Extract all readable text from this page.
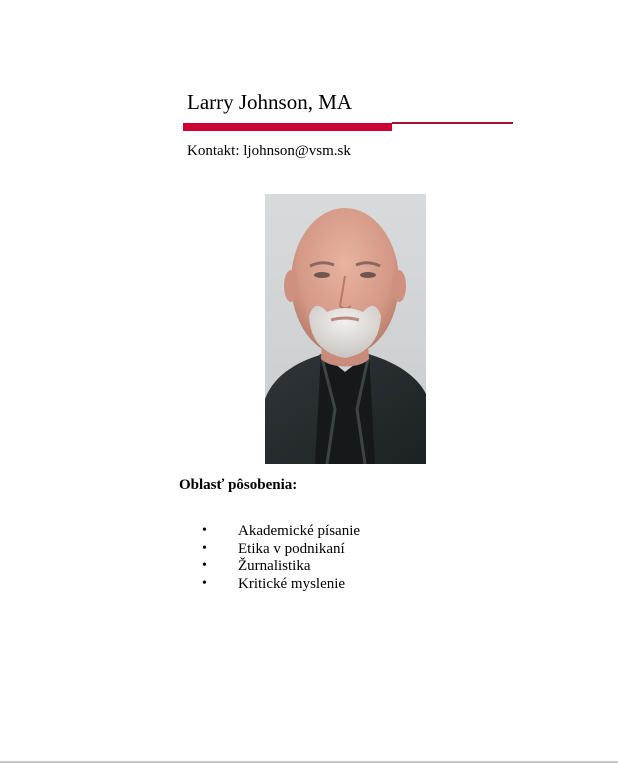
Larry Johnson, MA
Kontakt: ljohnson@vsm.sk
Oblasť pôsobenia:
• Akademické písanie
• Etika v podnikaní
• Žurnalistika
• Kritické myslenie
